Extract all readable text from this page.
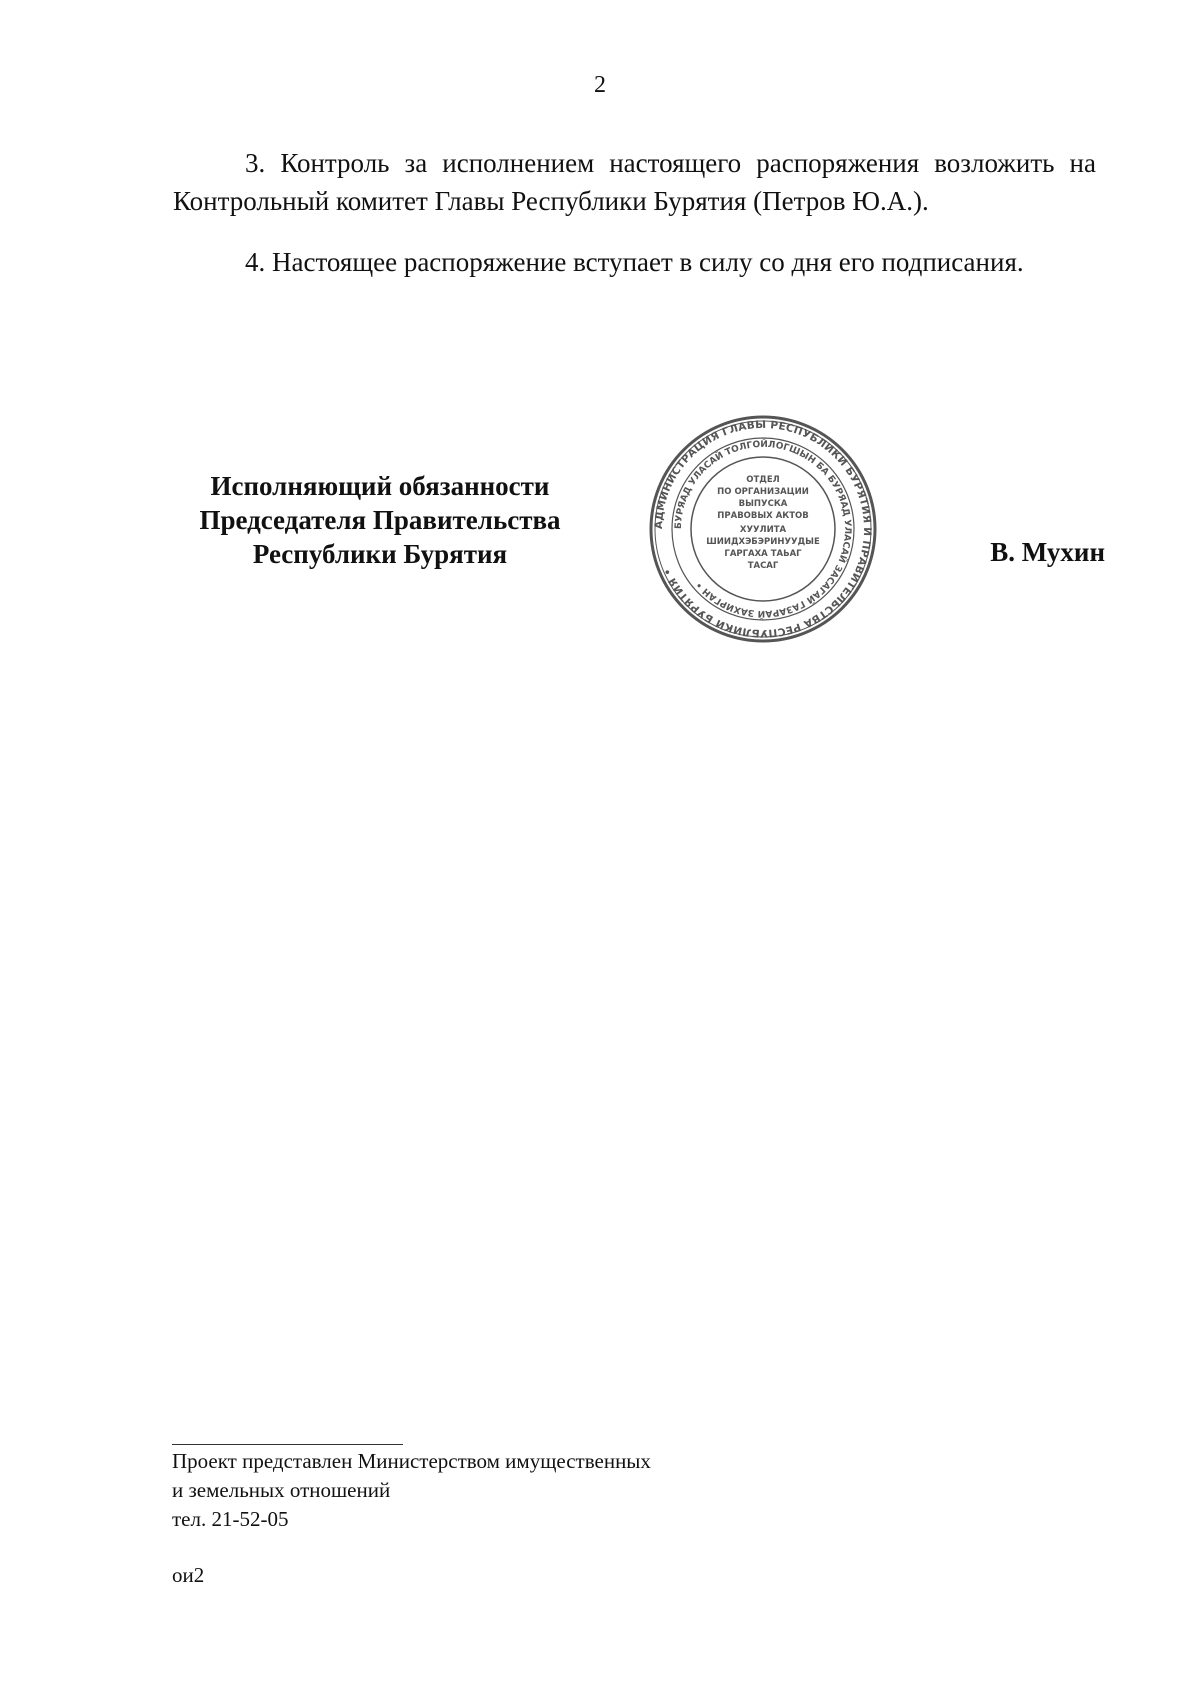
2

3. Контроль за исполнением настоящего распоряжения возложить на Контрольный комитет Главы Республики Бурятия (Петров Ю.А.).

4. Настоящее распоряжение вступает в силу со дня его подписания.

Исполняющий обязанности
Председателя Правительства
Республики Бурятия
АДМИНИСТРАЦИЯ ГЛАВЫ РЕСПУБЛИКИ БУРЯТИЯ И ПРАВИТЕЛЬСТВА РЕСПУБЛИКИ БУРЯТИЯ •
БУРЯАД УЛАСАЙ ТОЛГОЙЛОГШЫН БА БУРЯАД УЛАСАЙ ЗАСАГАЙ ГАЗАРАЙ ЗАХИРГАН •
ОТДЕЛ
ПО ОРГАНИЗАЦИИ
ВЫПУСКА
ПРАВОВЫХ АКТОВ
ХУУЛИТА
ШИИДХЭБЭРИНУУДЫЕ
ГАРГАХА ТАЬАГ
ТАСАГ	В. Мухин
Проект представлен Министерством имущественных
и земельных отношений
тел. 21-52-05
ои2
